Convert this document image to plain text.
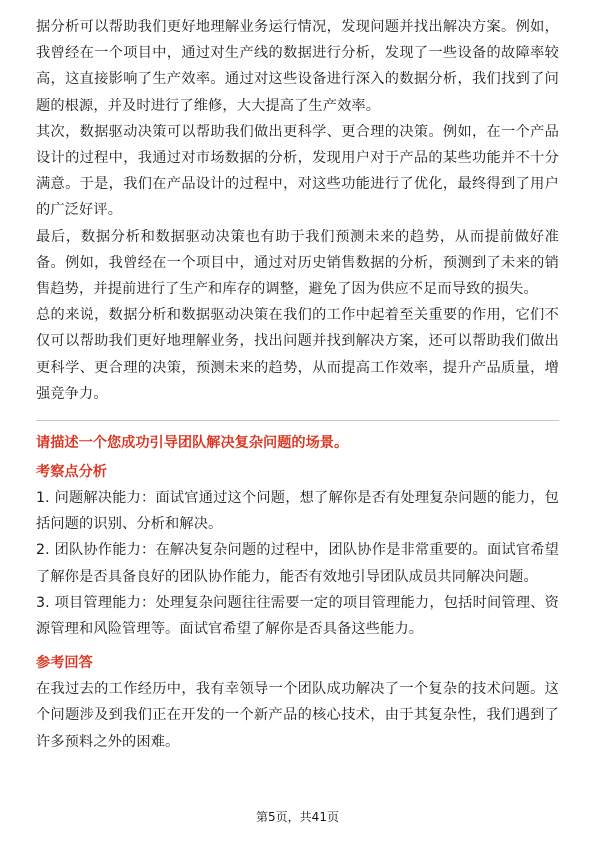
据分析可以帮助我们更好地理解业务运行情况，发现问题并找出解决方案。例如，我曾经在一个项目中，通过对生产线的数据进行分析，发现了一些设备的故障率较高，这直接影响了生产效率。通过对这些设备进行深入的数据分析，我们找到了问题的根源，并及时进行了维修，大大提高了生产效率。

其次，数据驱动决策可以帮助我们做出更科学、更合理的决策。例如，在一个产品设计的过程中，我通过对市场数据的分析，发现用户对于产品的某些功能并不十分满意。于是，我们在产品设计的过程中，对这些功能进行了优化，最终得到了用户的广泛好评。

最后，数据分析和数据驱动决策也有助于我们预测未来的趋势，从而提前做好准备。例如，我曾经在一个项目中，通过对历史销售数据的分析，预测到了未来的销售趋势，并提前进行了生产和库存的调整，避免了因为供应不足而导致的损失。

总的来说，数据分析和数据驱动决策在我们的工作中起着至关重要的作用，它们不仅可以帮助我们更好地理解业务，找出问题并找到解决方案，还可以帮助我们做出更科学、更合理的决策，预测未来的趋势，从而提高工作效率，提升产品质量，增强竞争力。

请描述一个您成功引导团队解决复杂问题的场景。

考察点分析

1. 问题解决能力：面试官通过这个问题，想了解你是否有处理复杂问题的能力，包括问题的识别、分析和解决。

2. 团队协作能力：在解决复杂问题的过程中，团队协作是非常重要的。面试官希望了解你是否具备良好的团队协作能力，能否有效地引导团队成员共同解决问题。

3. 项目管理能力：处理复杂问题往往需要一定的项目管理能力，包括时间管理、资源管理和风险管理等。面试官希望了解你是否具备这些能力。

参考回答

在我过去的工作经历中，我有幸领导一个团队成功解决了一个复杂的技术问题。这个问题涉及到我们正在开发的一个新产品的核心技术，由于其复杂性，我们遇到了许多预料之外的困难。

第5页，共41页
